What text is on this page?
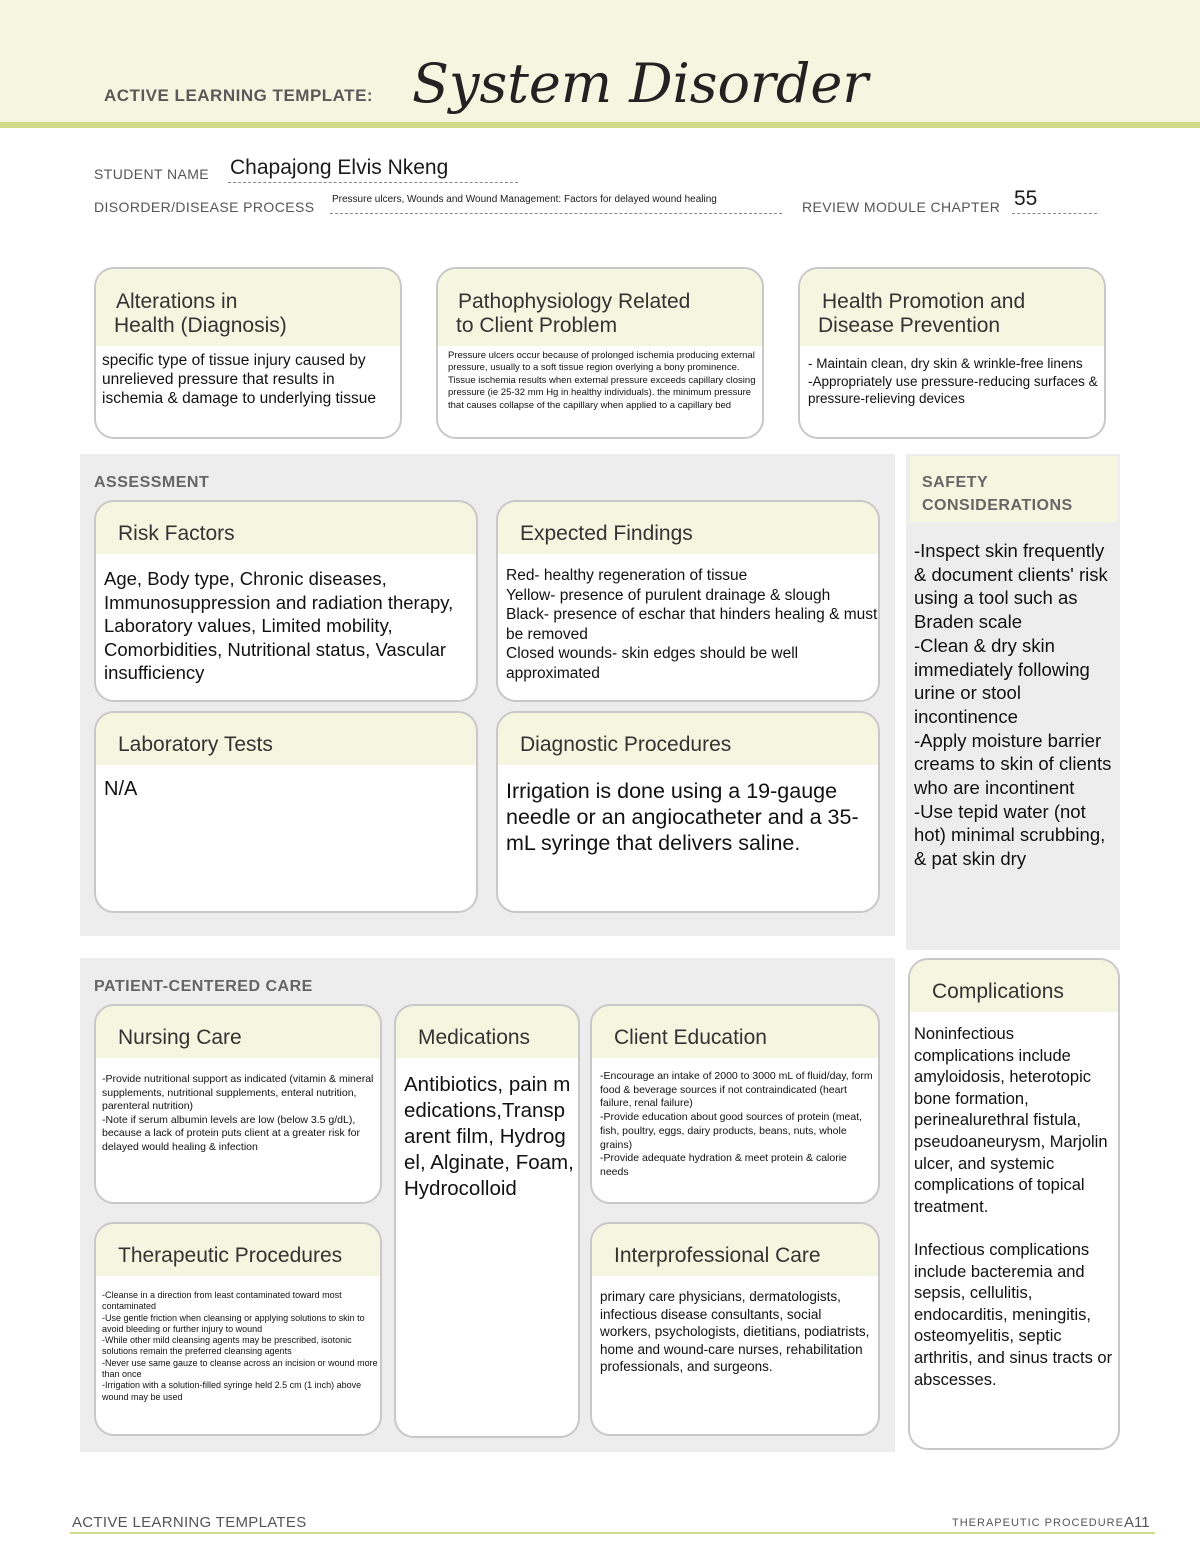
ACTIVE LEARNING TEMPLATE: System Disorder
STUDENT NAME Chapajong Elvis Nkeng
DISORDER/DISEASE PROCESS Pressure ulcers, Wounds and Wound Management: Factors for delayed wound healing	REVIEW MODULE CHAPTER 55
Alterations in
Health (Diagnosis)
specific type of tissue injury caused by unrelieved pressure that results in ischemia & damage to underlying tissue
Pathophysiology Related
to Client Problem
Pressure ulcers occur because of prolonged ischemia producing external pressure, usually to a soft tissue region overlying a bony prominence. Tissue ischemia results when external pressure exceeds capillary closing pressure (ie 25-32 mm Hg in healthy individuals). the minimum pressure that causes collapse of the capillary when applied to a capillary bed
Health Promotion and
Disease Prevention
- Maintain clean, dry skin & wrinkle-free linens
-Appropriately use pressure-reducing surfaces & pressure-relieving devices
ASSESSMENT
Risk Factors
Age, Body type, Chronic diseases, Immunosuppression and radiation therapy, Laboratory values, Limited mobility, Comorbidities, Nutritional status, Vascular insufficiency
Expected Findings
Red- healthy regeneration of tissue
Yellow- presence of purulent drainage & slough
Black- presence of eschar that hinders healing & must be removed
Closed wounds- skin edges should be well approximated
Laboratory Tests
N/A
Diagnostic Procedures
Irrigation is done using a 19-gauge needle or an angiocatheter and a 35-mL syringe that delivers saline.
SAFETY
CONSIDERATIONS
-Inspect skin frequently & document clients' risk using a tool such as Braden scale
-Clean & dry skin immediately following urine or stool incontinence
-Apply moisture barrier creams to skin of clients who are incontinent
-Use tepid water (not hot) minimal scrubbing, & pat skin dry
PATIENT-CENTERED CARE
Nursing Care
-Provide nutritional support as indicated (vitamin & mineral supplements, nutritional supplements, enteral nutrition, parenteral nutrition)
-Note if serum albumin levels are low (below 3.5 g/dL), because a lack of protein puts client at a greater risk for delayed would healing & infection
Medications
Antibiotics, pain medications,Transparent film, Hydrogel, Alginate, Foam, Hydrocolloid
Client Education
-Encourage an intake of 2000 to 3000 mL of fluid/day, form food & beverage sources if not contraindicated (heart failure, renal failure)
-Provide education about good sources of protein (meat, fish, poultry, eggs, dairy products, beans, nuts, whole grains)
-Provide adequate hydration & meet protein & calorie needs
Therapeutic Procedures
-Cleanse in a direction from least contaminated toward most contaminated
-Use gentle friction when cleansing or applying solutions to skin to avoid bleeding or further injury to wound
-While other mild cleansing agents may be prescribed, isotonic solutions remain the preferred cleansing agents
-Never use same gauze to cleanse across an incision or wound more than once
-Irrigation with a solution-filled syringe held 2.5 cm (1 inch) above wound may be used
Interprofessional Care
primary care physicians, dermatologists, infectious disease consultants, social workers, psychologists, dietitians, podiatrists, home and wound-care nurses, rehabilitation professionals, and surgeons.
Complications
Noninfectious complications include amyloidosis, heterotopic bone formation, perinealurethral fistula, pseudoaneurysm, Marjolin ulcer, and systemic complications of topical treatment.

Infectious complications include bacteremia and sepsis, cellulitis, endocarditis, meningitis, osteomyelitis, septic arthritis, and sinus tracts or abscesses.
ACTIVE LEARNING TEMPLATES	THERAPEUTIC PROCEDURE A11
